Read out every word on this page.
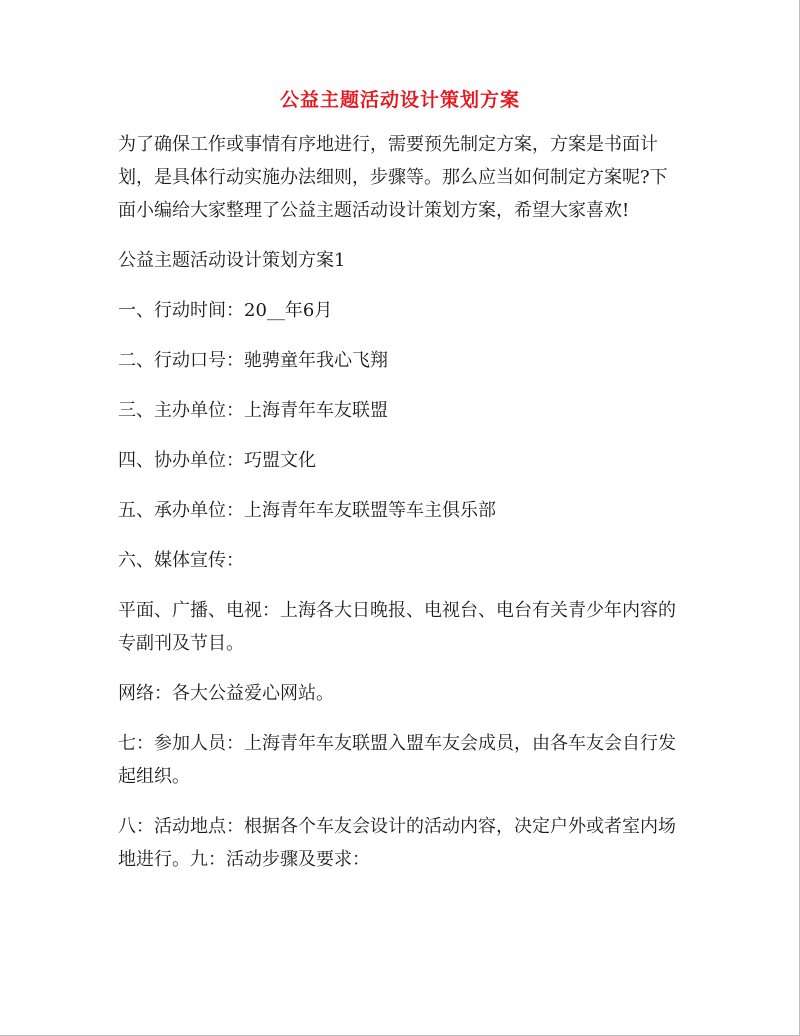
公益主题活动设计策划方案

为了确保工作或事情有序地进行，需要预先制定方案，方案是书面计划，是具体行动实施办法细则，步骤等。那么应当如何制定方案呢?下面小编给大家整理了公益主题活动设计策划方案，希望大家喜欢!

公益主题活动设计策划方案1

一、行动时间：20__年6月

二、行动口号：驰骋童年我心飞翔

三、主办单位：上海青年车友联盟

四、协办单位：巧盟文化

五、承办单位：上海青年车友联盟等车主俱乐部

六、媒体宣传：

平面、广播、电视：上海各大日晚报、电视台、电台有关青少年内容的专副刊及节目。

网络：各大公益爱心网站。

七：参加人员：上海青年车友联盟入盟车友会成员，由各车友会自行发起组织。

八：活动地点：根据各个车友会设计的活动内容，决定户外或者室内场地进行。九：活动步骤及要求：
